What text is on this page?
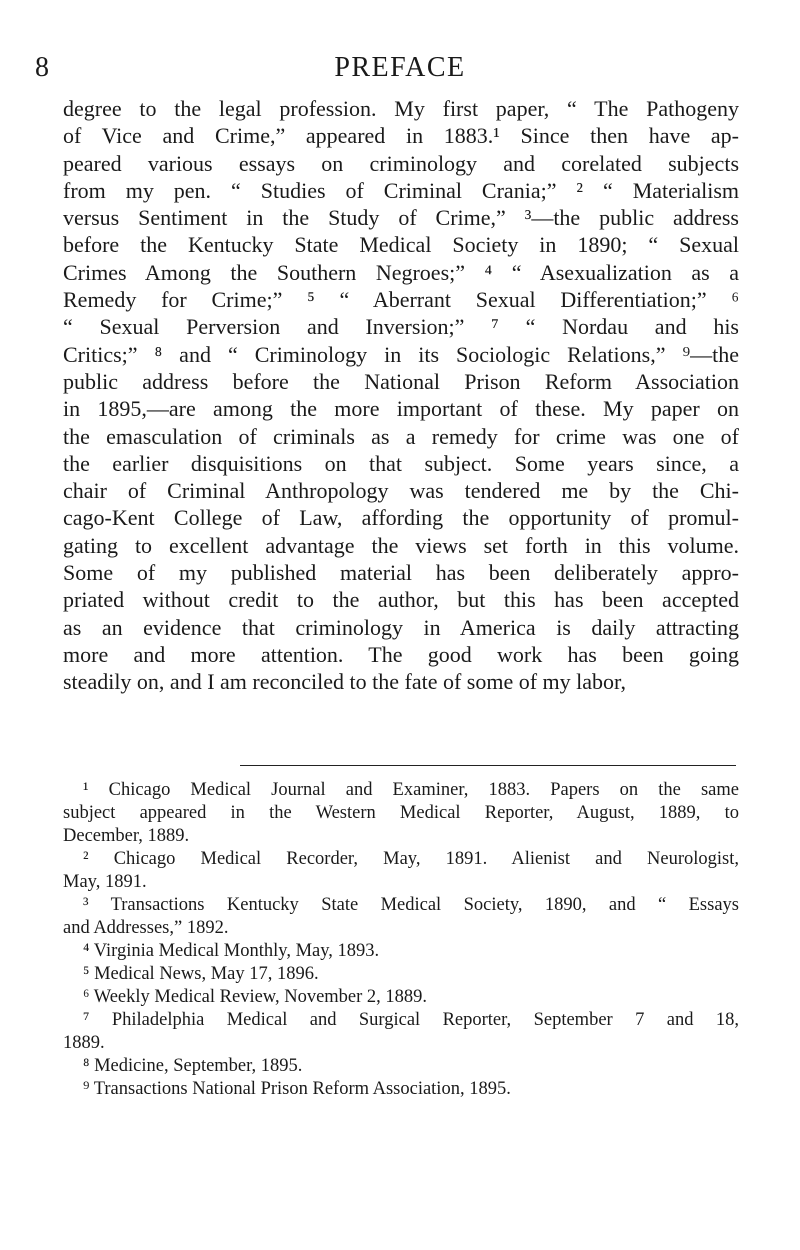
8	PREFACE
degree to the legal profession. My first paper, “ The Pathogeny
of Vice and Crime,” appeared in 1883.¹ Since then have ap-
peared various essays on criminology and corelated subjects
from my pen. “ Studies of Criminal Crania;” ² “ Materialism
versus Sentiment in the Study of Crime,” ³—the public address
before the Kentucky State Medical Society in 1890; “ Sexual
Crimes Among the Southern Negroes;” ⁴ “ Asexualization as a
Remedy for Crime;” ⁵ “ Aberrant Sexual Differentiation;” ⁶
“ Sexual Perversion and Inversion;” ⁷ “ Nordau and his
Critics;” ⁸ and “ Criminology in its Sociologic Relations,” ⁹—the
public address before the National Prison Reform Association
in 1895,—are among the more important of these. My paper on
the emasculation of criminals as a remedy for crime was one of
the earlier disquisitions on that subject. Some years since, a
chair of Criminal Anthropology was tendered me by the Chi-
cago-Kent College of Law, affording the opportunity of promul-
gating to excellent advantage the views set forth in this volume.
Some of my published material has been deliberately appro-
priated without credit to the author, but this has been accepted
as an evidence that criminology in America is daily attracting
more and more attention. The good work has been going
steadily on, and I am reconciled to the fate of some of my labor,
¹ Chicago Medical Journal and Examiner, 1883. Papers on the same
subject appeared in the Western Medical Reporter, August, 1889, to
December, 1889.
² Chicago Medical Recorder, May, 1891. Alienist and Neurologist,
May, 1891.
³ Transactions Kentucky State Medical Society, 1890, and “ Essays
and Addresses,” 1892.
⁴ Virginia Medical Monthly, May, 1893.
⁵ Medical News, May 17, 1896.
⁶ Weekly Medical Review, November 2, 1889.
⁷ Philadelphia Medical and Surgical Reporter, September 7 and 18,
1889.
⁸ Medicine, September, 1895.
⁹ Transactions National Prison Reform Association, 1895.
